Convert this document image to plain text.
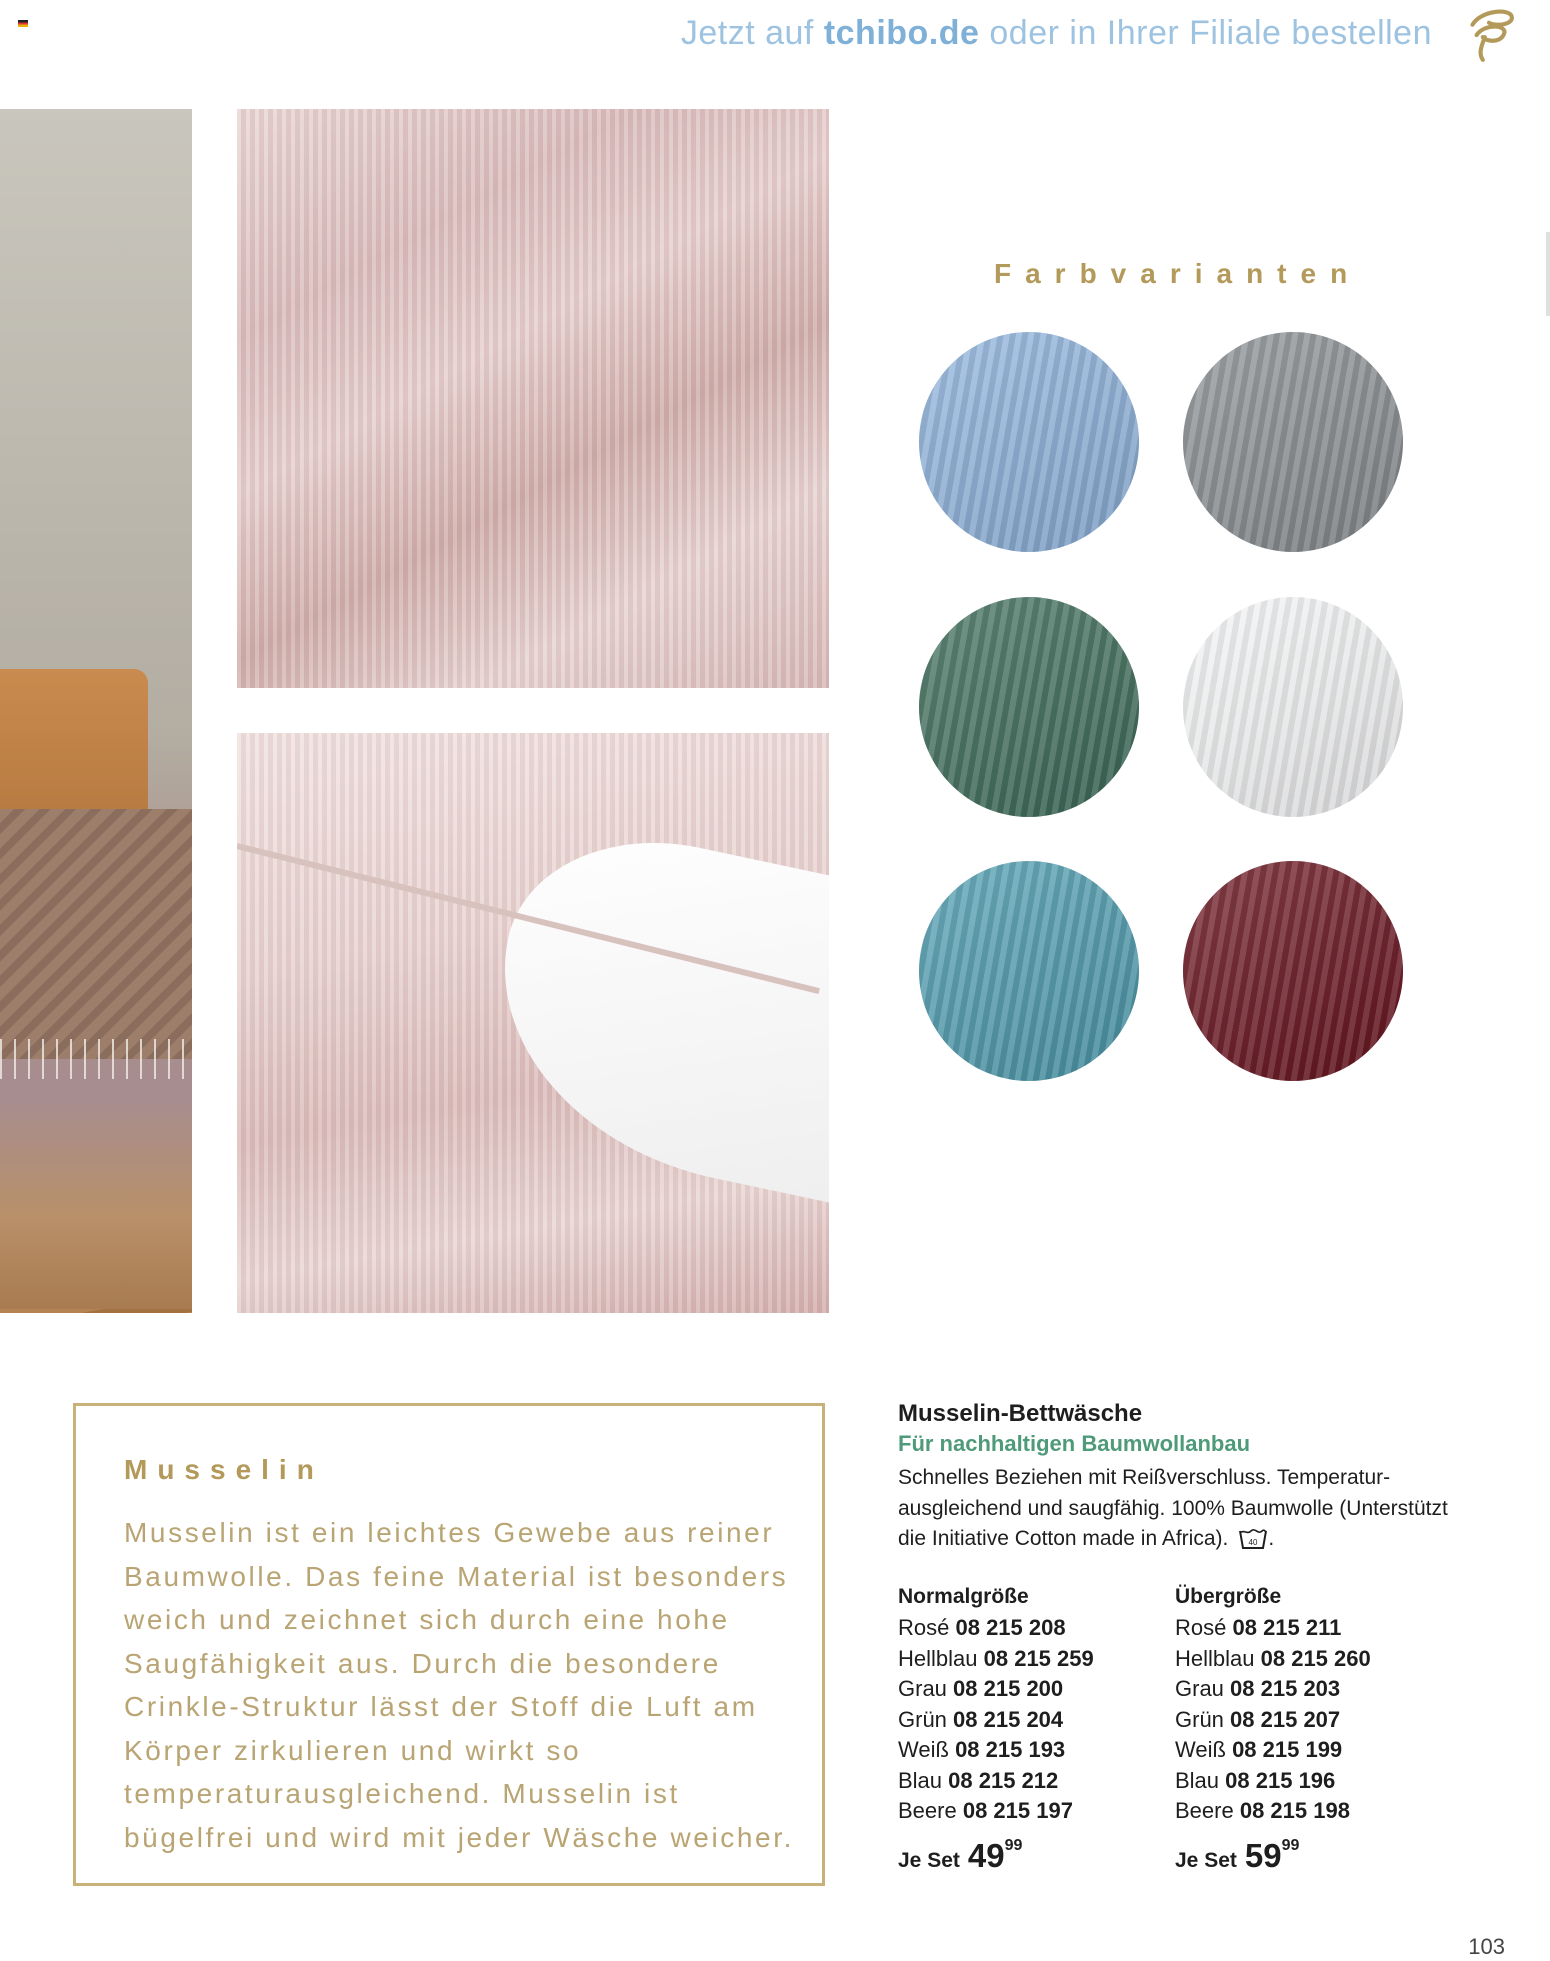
Jetzt auf tchibo.de oder in Ihrer Filiale bestellen
Farbvarianten
Musselin
Musselin ist ein leichtes Gewebe aus reiner Baumwolle. Das feine Material ist besonders weich und zeichnet sich durch eine hohe Saugfähigkeit aus. Durch die besondere Crinkle-Struktur lässt der Stoff die Luft am Körper zirkulieren und wirkt so temperaturausgleichend. Musselin ist bügelfrei und wird mit jeder Wäsche weicher.
Musselin-Bettwäsche
Für nachhaltigen Baumwollanbau
Schnelles Beziehen mit Reißverschluss. Temperatur-ausgleichend und saugfähig. 100% Baumwolle (Unterstützt die Initiative Cotton made in Africa).	40 .
Normalgröße
Rosé 08 215 208
Hellblau 08 215 259
Grau 08 215 200
Grün 08 215 204
Weiß 08 215 193
Blau 08 215 212
Beere 08 215 197
Je Set $49^{99}$
Übergröße
Rosé 08 215 211
Hellblau 08 215 260
Grau 08 215 203
Grün 08 215 207
Weiß 08 215 199
Blau 08 215 196
Beere 08 215 198
Je Set $59^{99}$
103
